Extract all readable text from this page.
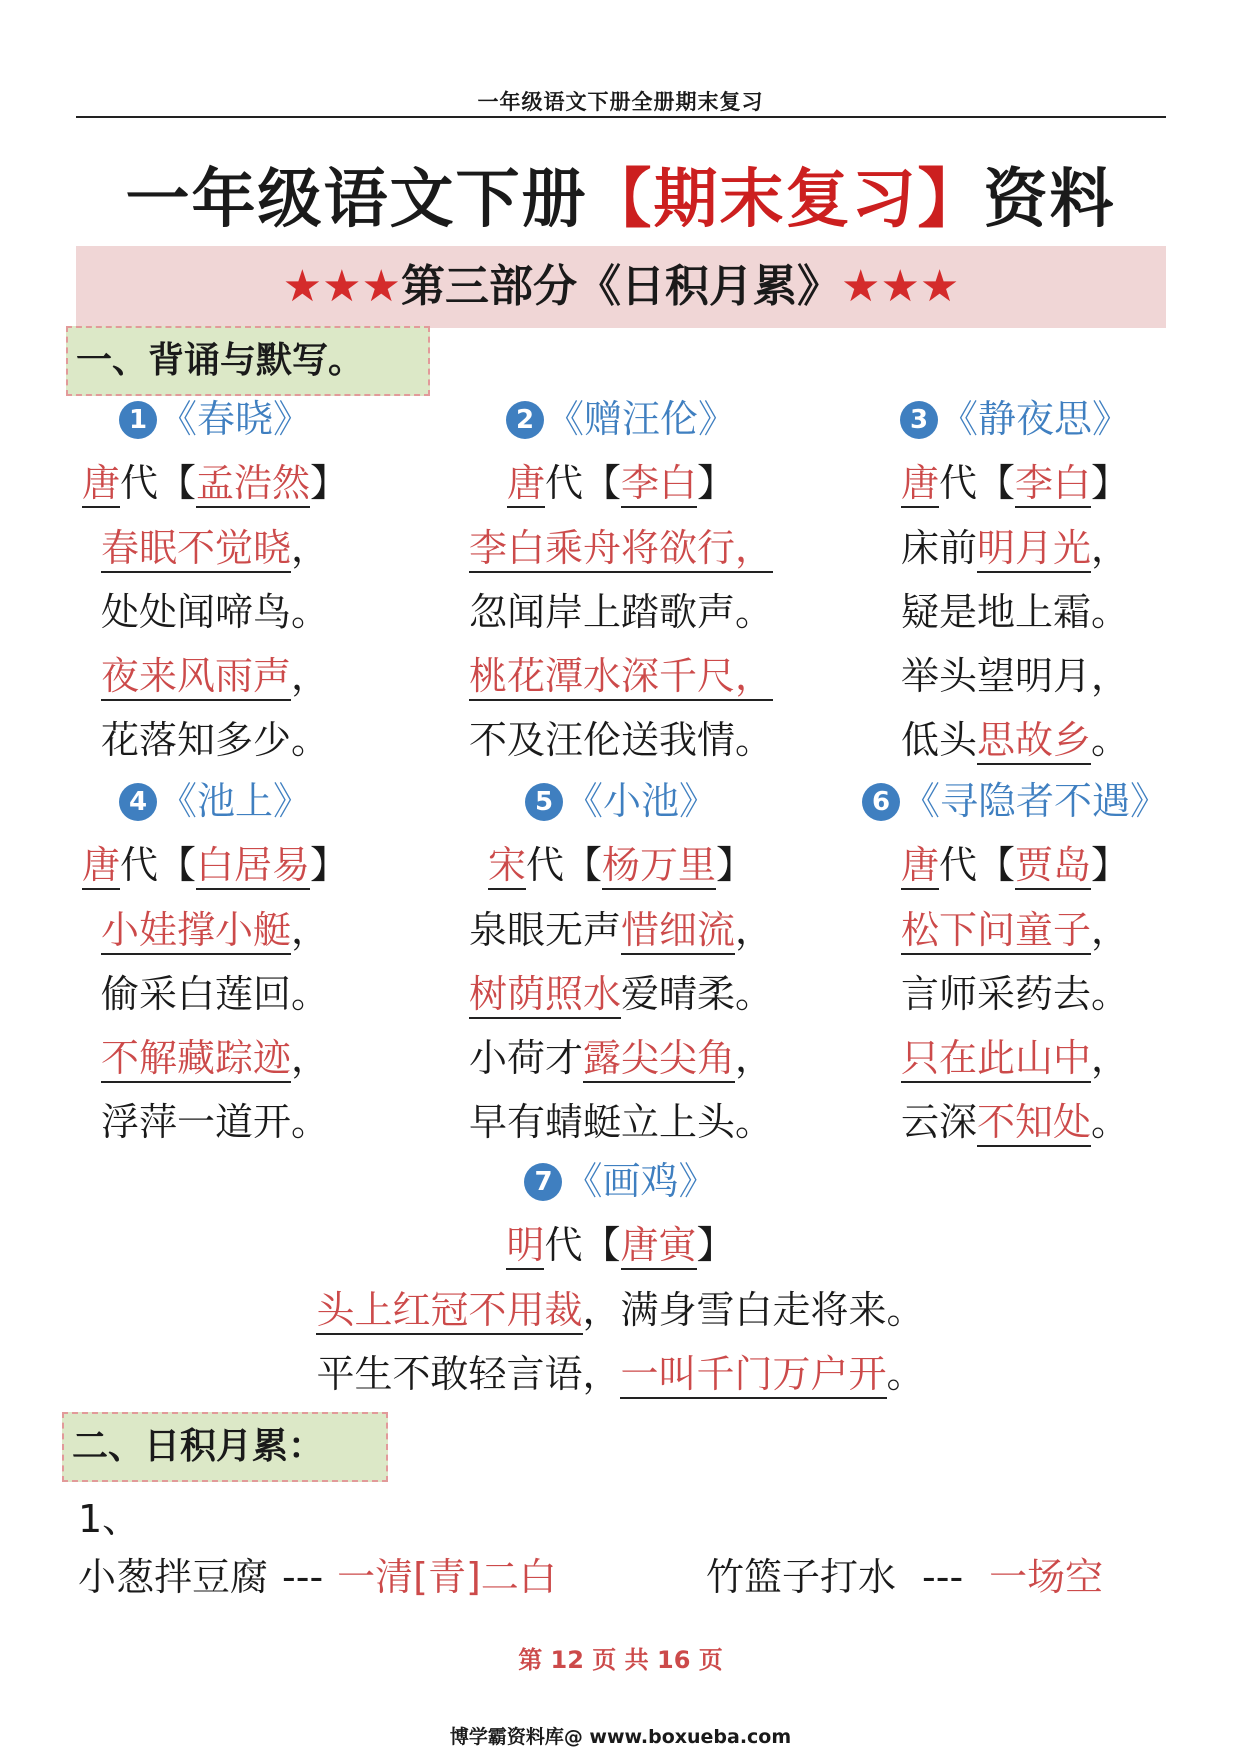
一年级语文下册全册期末复习
一年级语文下册【期末复习】资料
★★★第三部分《日积月累》★★★
一、背诵与默写。
1 《春晓》
唐代【孟浩然】
春眠不觉晓，
处处闻啼鸟。
夜来风雨声，
花落知多少。
2 《赠汪伦》
唐代【李白】
李白乘舟将欲行，
忽闻岸上踏歌声。
桃花潭水深千尺，
不及汪伦送我情。
3 《静夜思》
唐代【李白】
床前明月光，
疑是地上霜。
举头望明月，
低头思故乡。
4 《池上》
唐代【白居易】
小娃撑小艇，
偷采白莲回。
不解藏踪迹，
浮萍一道开。
5 《小池》
宋代【杨万里】
泉眼无声惜细流，
树荫照水爱晴柔。
小荷才露尖尖角，
早有蜻蜓立上头。
6 《寻隐者不遇》
唐代【贾岛】
松下问童子，
言师采药去。
只在此山中，
云深不知处。
7 《画鸡》
明代【唐寅】
头上红冠不用裁，满身雪白走将来。
平生不敢轻言语，一叫千门万户开。
二、日积月累：
1、
小葱拌豆腐 --- 一清[青]二白	竹篮子打水 --- 一场空
第 12 页 共 16 页
博学霸资料库@ www.boxueba.com
